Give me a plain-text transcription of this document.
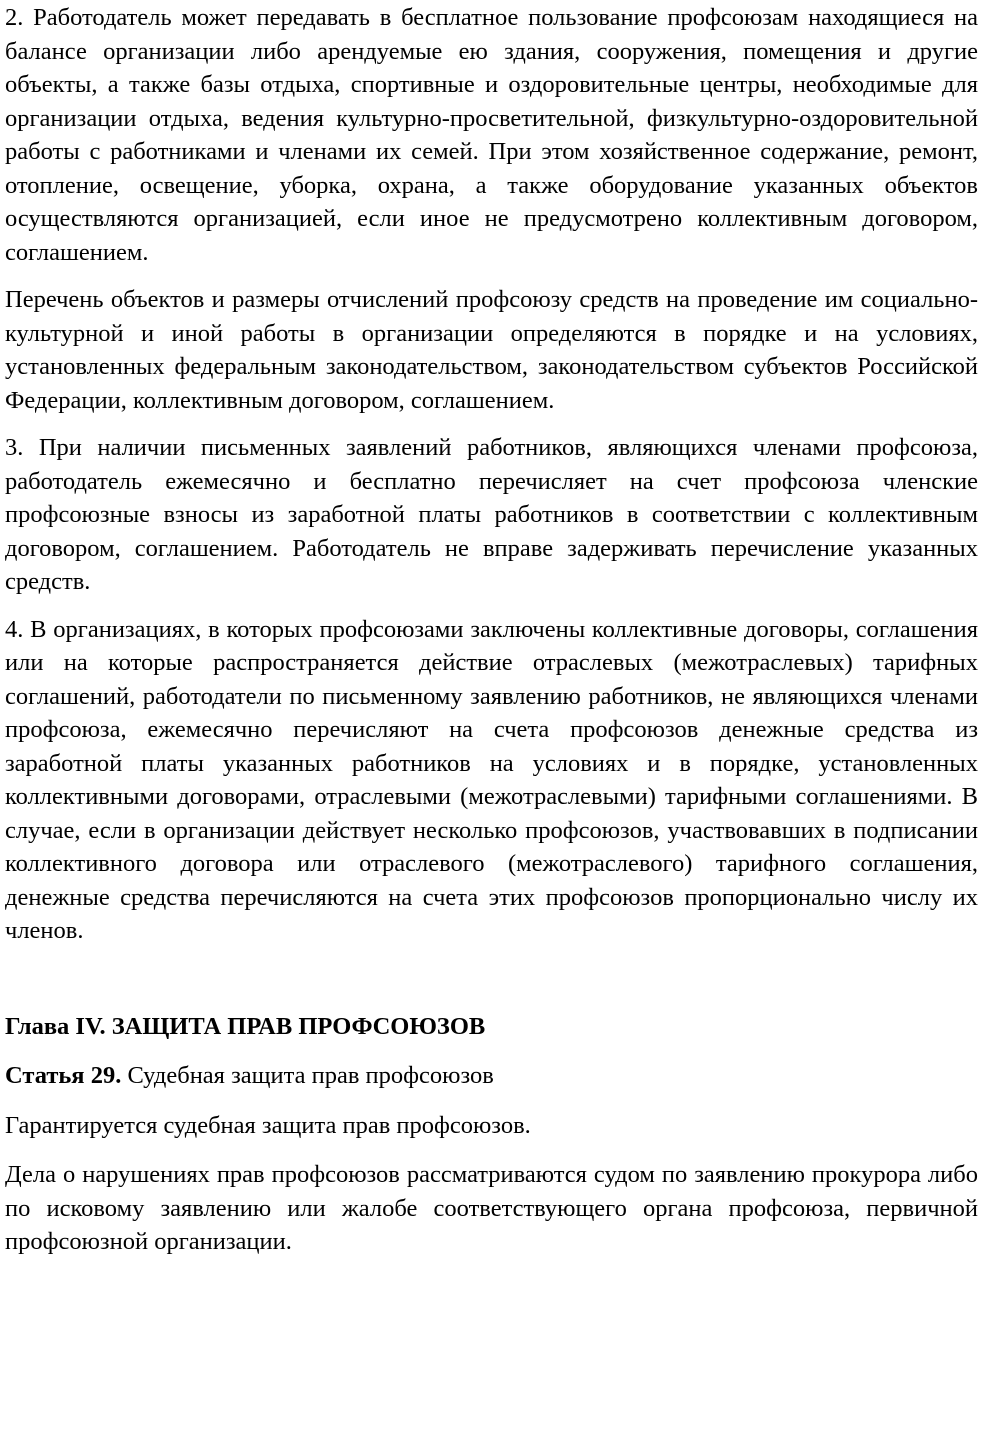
2. Работодатель может передавать в бесплатное пользование профсоюзам находящиеся на балансе организации либо арендуемые ею здания, сооружения, помещения и другие объекты, а также базы отдыха, спортивные и оздоровительные центры, необходимые для организации отдыха, ведения культурно-просветительной, физкультурно-оздоровительной работы с работниками и членами их семей. При этом хозяйственное содержание, ремонт, отопление, освещение, уборка, охрана, а также оборудование указанных объектов осуществляются организацией, если иное не предусмотрено коллективным договором, соглашением.

Перечень объектов и размеры отчислений профсоюзу средств на проведение им социально-культурной и иной работы в организации определяются в порядке и на условиях, установленных федеральным законодательством, законодательством субъектов Российской Федерации, коллективным договором, соглашением.

3. При наличии письменных заявлений работников, являющихся членами профсоюза, работодатель ежемесячно и бесплатно перечисляет на счет профсоюза членские профсоюзные взносы из заработной платы работников в соответствии с коллективным договором, соглашением. Работодатель не вправе задерживать перечисление указанных средств.

4. В организациях, в которых профсоюзами заключены коллективные договоры, соглашения или на которые распространяется действие отраслевых (межотраслевых) тарифных соглашений, работодатели по письменному заявлению работников, не являющихся членами профсоюза, ежемесячно перечисляют на счета профсоюзов денежные средства из заработной платы указанных работников на условиях и в порядке, установленных коллективными договорами, отраслевыми (межотраслевыми) тарифными соглашениями. В случае, если в организации действует несколько профсоюзов, участвовавших в подписании коллективного договора или отраслевого (межотраслевого) тарифного соглашения, денежные средства перечисляются на счета этих профсоюзов пропорционально числу их членов.

Глава IV. ЗАЩИТА ПРАВ ПРОФСОЮЗОВ

Статья 29. Судебная защита прав профсоюзов

Гарантируется судебная защита прав профсоюзов.

Дела о нарушениях прав профсоюзов рассматриваются судом по заявлению прокурора либо по исковому заявлению или жалобе соответствующего органа профсоюза, первичной профсоюзной организации.
